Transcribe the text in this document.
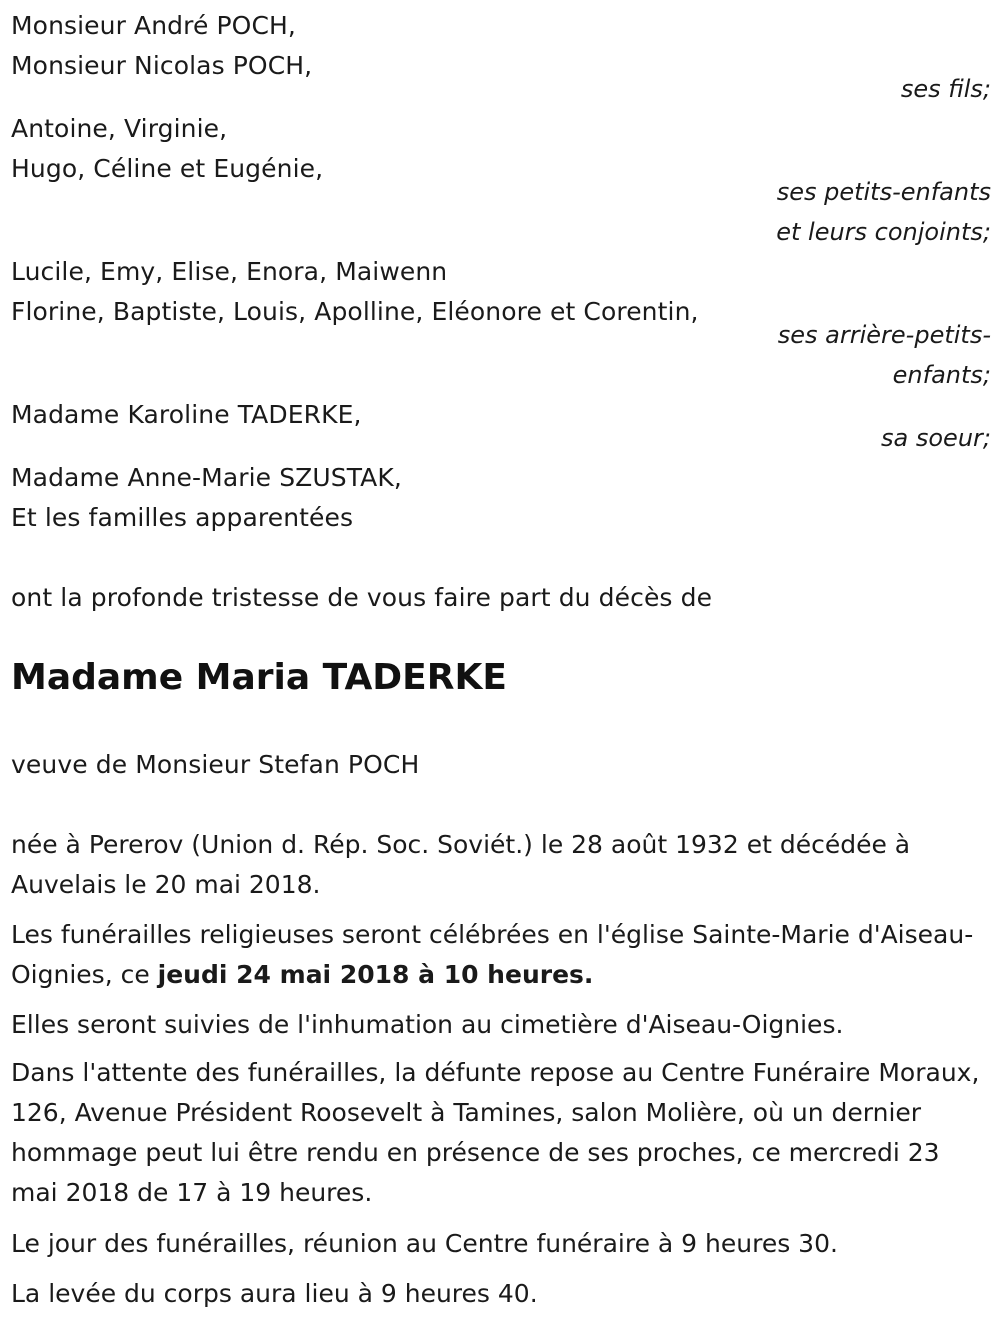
Monsieur André POCH,
Monsieur Nicolas POCH,
ses fils;
Antoine, Virginie,
Hugo, Céline et Eugénie,
ses petits-enfants
et leurs conjoints;
Lucile, Emy, Elise, Enora, Maiwenn
Florine, Baptiste, Louis, Apolline, Eléonore et Corentin,
ses arrière-petits-
enfants;
Madame Karoline TADERKE,
sa soeur;
Madame Anne-Marie SZUSTAK,
Et les familles apparentées
ont la profonde tristesse de vous faire part du décès de
Madame Maria TADERKE
veuve de Monsieur Stefan POCH
née à Pererov (Union d. Rép. Soc. Soviét.) le 28 août 1932 et décédée à Auvelais le 20 mai 2018.
Les funérailles religieuses seront célébrées en l'église Sainte-Marie d'Aiseau-Oignies, ce jeudi 24 mai 2018 à 10 heures.
Elles seront suivies de l'inhumation au cimetière d'Aiseau-Oignies.
Dans l'attente des funérailles, la défunte repose au Centre Funéraire Moraux, 126, Avenue Président Roosevelt à Tamines, salon Molière, où un dernier hommage peut lui être rendu en présence de ses proches, ce mercredi 23 mai 2018 de 17 à 19 heures.
Le jour des funérailles, réunion au Centre funéraire à 9 heures 30.
La levée du corps aura lieu à 9 heures 40.
